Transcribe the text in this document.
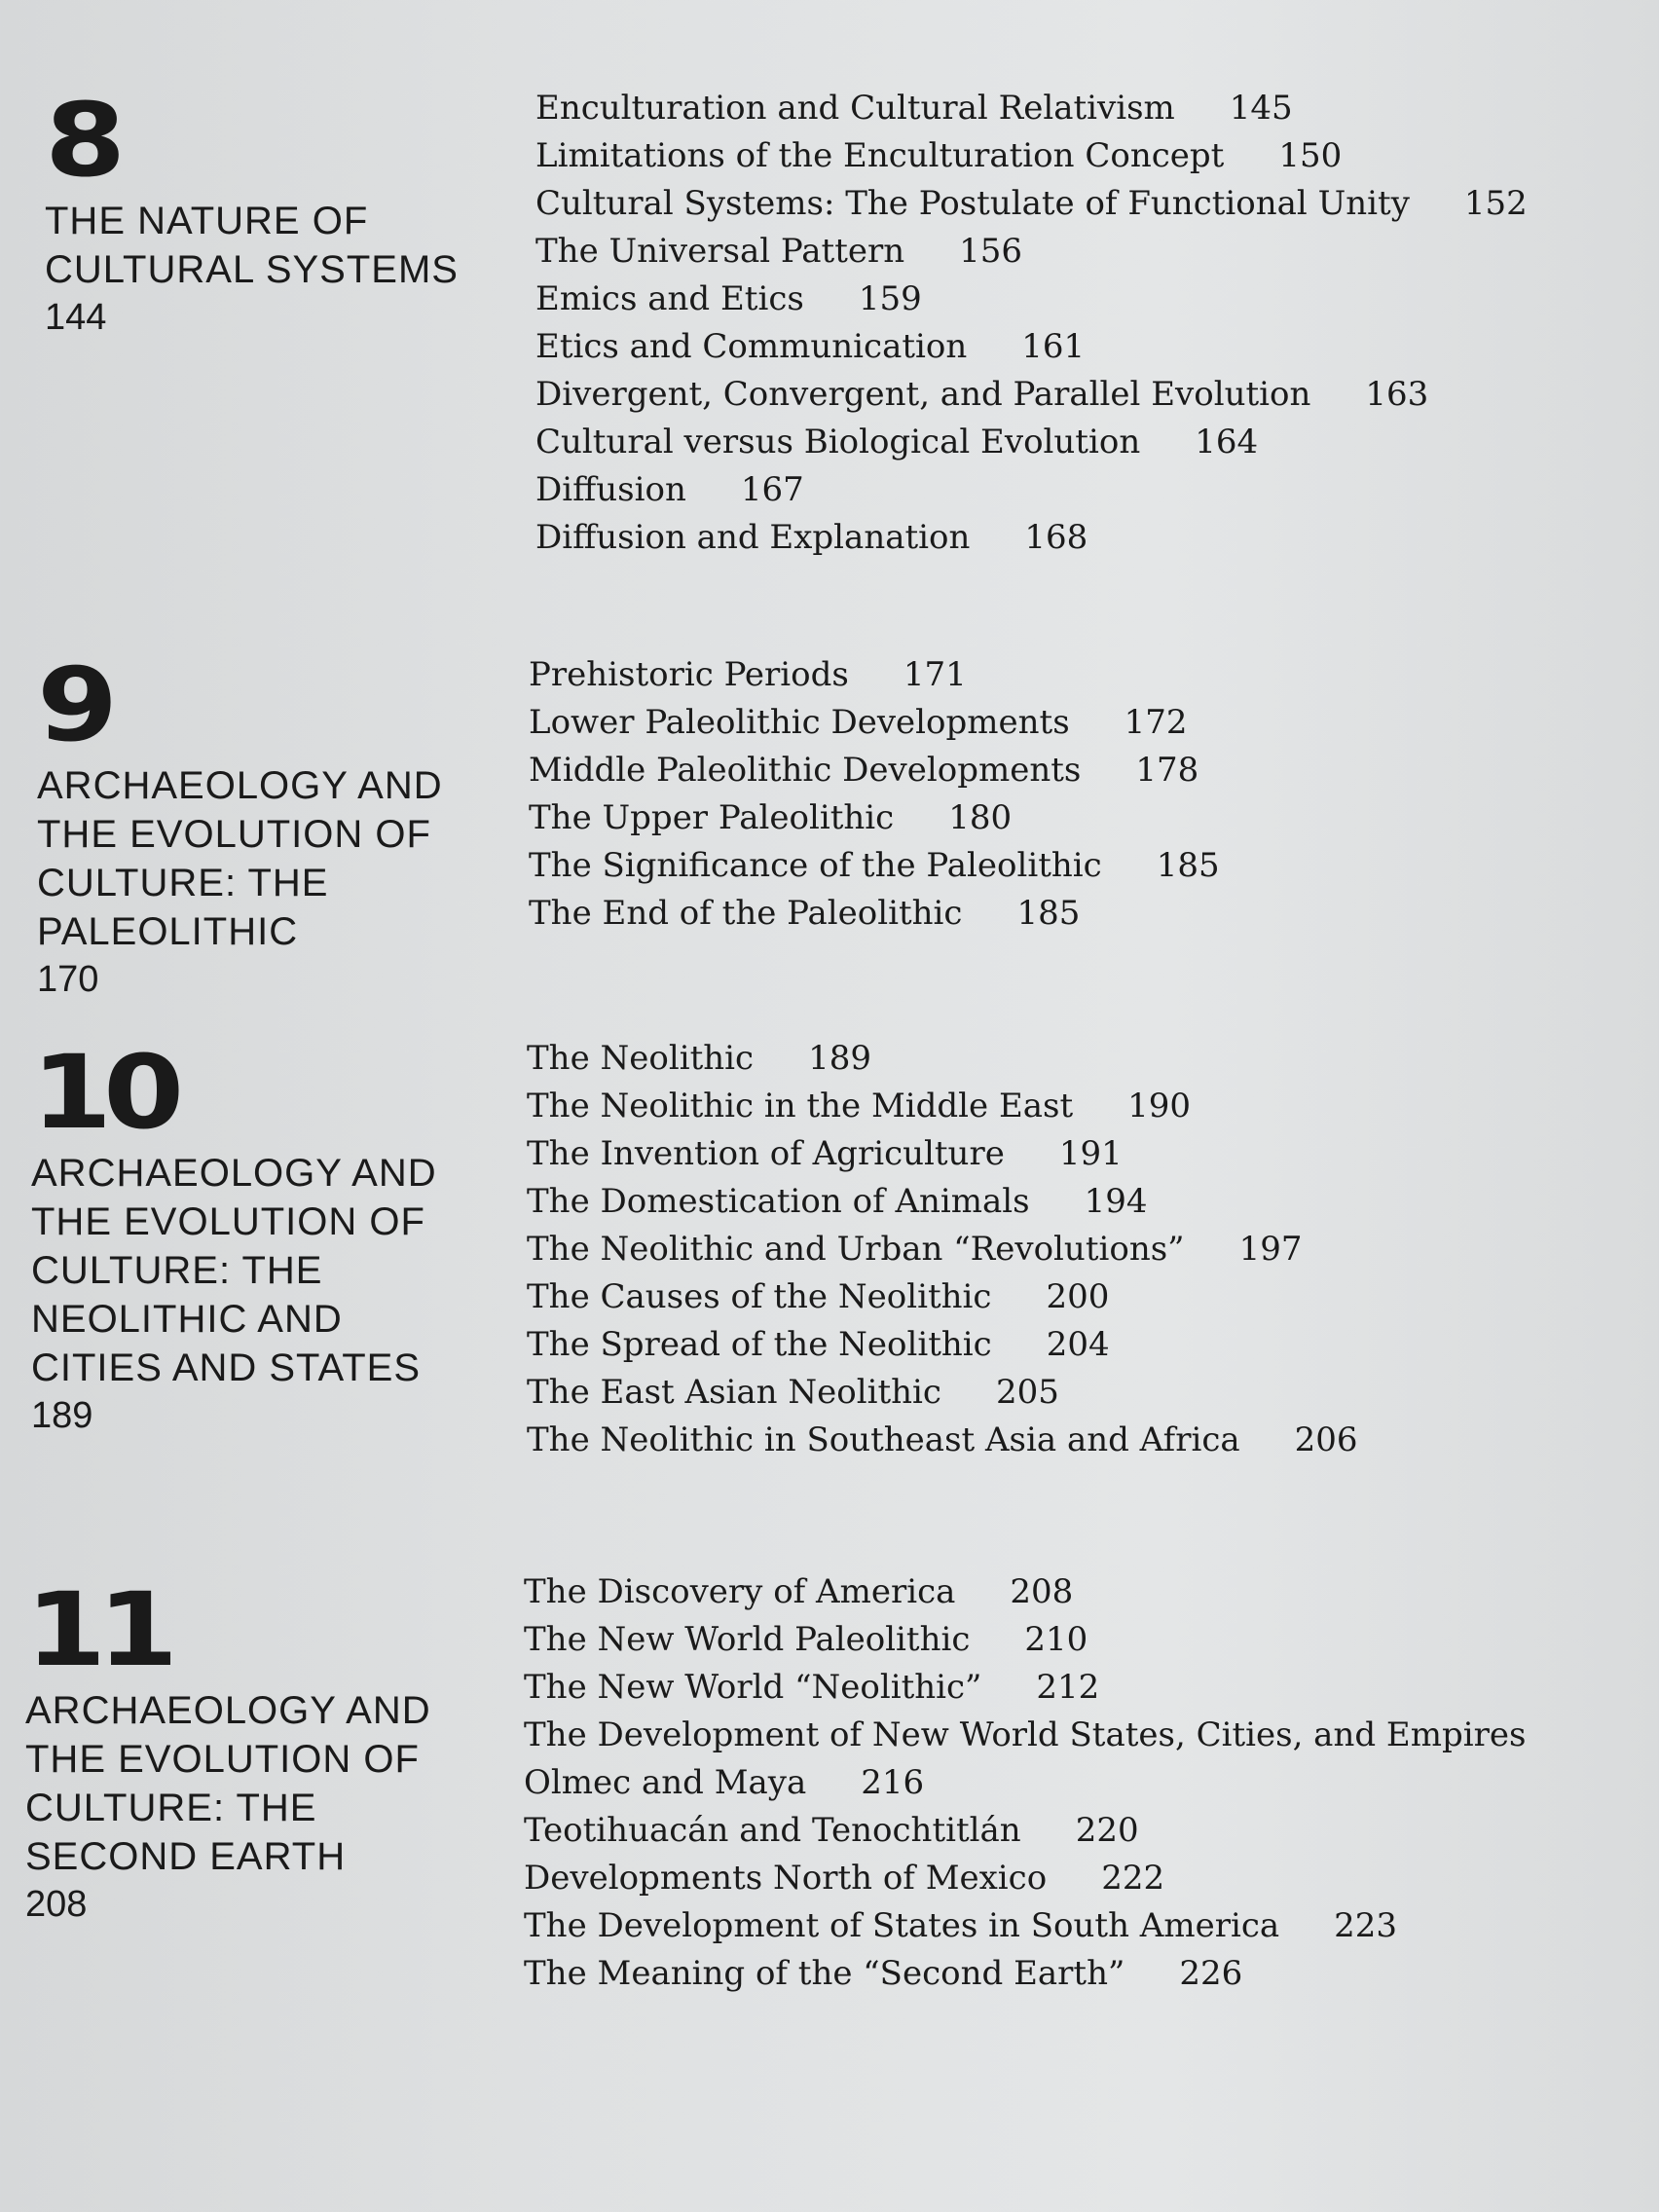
8
THE NATURE OF
CULTURAL SYSTEMS
144
Enculturation and Cultural Relativism 145
Limitations of the Enculturation Concept 150
Cultural Systems: The Postulate of Functional Unity 152
The Universal Pattern 156
Emics and Etics 159
Etics and Communication 161
Divergent, Convergent, and Parallel Evolution 163
Cultural versus Biological Evolution 164
Diffusion 167
Diffusion and Explanation 168
9
ARCHAEOLOGY AND
THE EVOLUTION OF
CULTURE: THE
PALEOLITHIC
170
Prehistoric Periods 171
Lower Paleolithic Developments 172
Middle Paleolithic Developments 178
The Upper Paleolithic 180
The Significance of the Paleolithic 185
The End of the Paleolithic 185
10
ARCHAEOLOGY AND
THE EVOLUTION OF
CULTURE: THE
NEOLITHIC AND
CITIES AND STATES
189
The Neolithic 189
The Neolithic in the Middle East 190
The Invention of Agriculture 191
The Domestication of Animals 194
The Neolithic and Urban “Revolutions” 197
The Causes of the Neolithic 200
The Spread of the Neolithic 204
The East Asian Neolithic 205
The Neolithic in Southeast Asia and Africa 206
11
ARCHAEOLOGY AND
THE EVOLUTION OF
CULTURE: THE
SECOND EARTH
208
The Discovery of America 208
The New World Paleolithic 210
The New World “Neolithic” 212
The Development of New World States, Cities, and Empires
Olmec and Maya 216
Teotihuacán and Tenochtitlán 220
Developments North of Mexico 222
The Development of States in South America 223
The Meaning of the “Second Earth” 226
